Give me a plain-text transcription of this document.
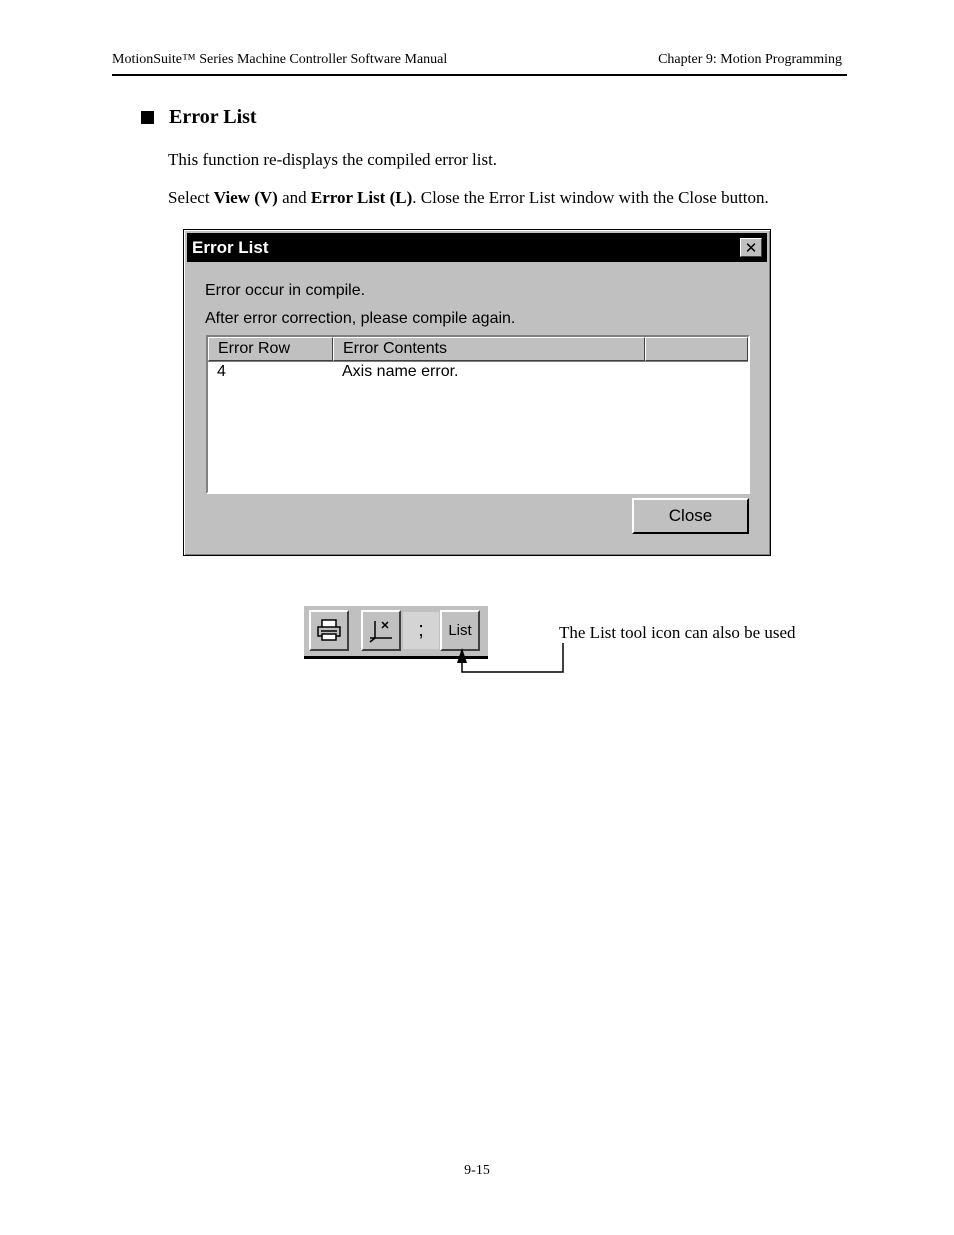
MotionSuite™ Series Machine Controller Software Manual	Chapter 9: Motion Programming
Error List
This function re-displays the compiled error list.
Select View (V) and Error List (L). Close the Error List window with the Close button.
Error List	✕
Error occur in compile.
After error correction, please compile again.
Error Row	Error Contents
4	Axis name error.
Close
;	List	The List tool icon can also be used
9-15
